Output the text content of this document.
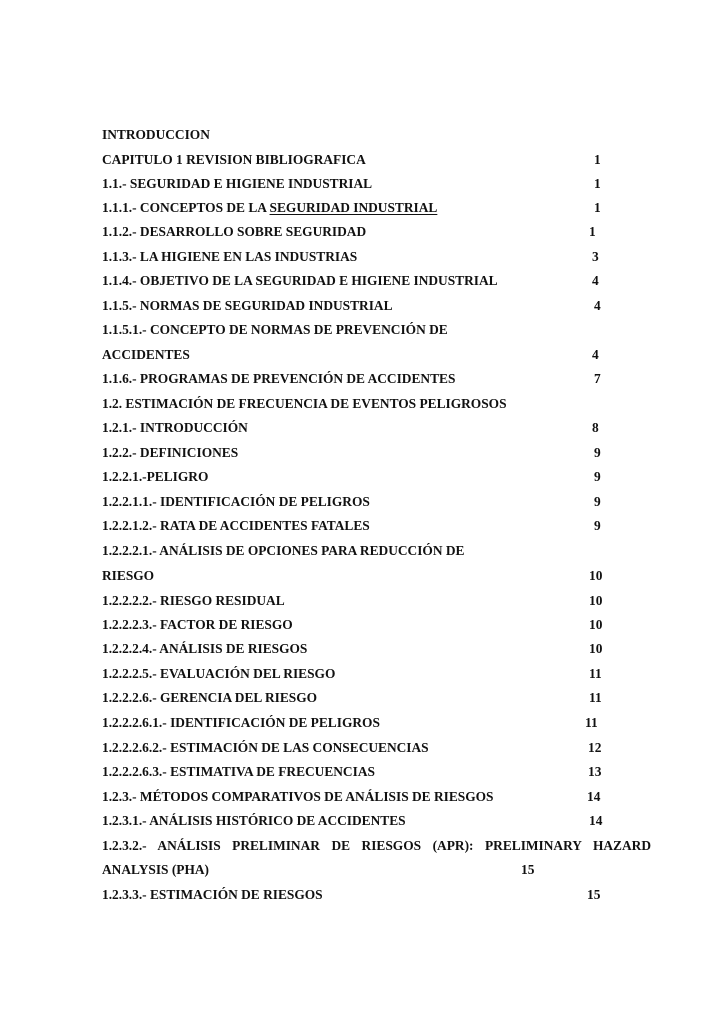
INTRODUCCION
CAPITULO 1 REVISION BIBLIOGRAFICA	1
1.1.- SEGURIDAD E HIGIENE INDUSTRIAL	1
1.1.1.- CONCEPTOS DE LA SEGURIDAD INDUSTRIAL	1
1.1.2.- DESARROLLO SOBRE SEGURIDAD	1
1.1.3.- LA HIGIENE EN LAS INDUSTRIAS	3
1.1.4.- OBJETIVO DE LA SEGURIDAD E HIGIENE INDUSTRIAL	4
1.1.5.- NORMAS DE SEGURIDAD INDUSTRIAL	4
1.1.5.1.- CONCEPTO DE NORMAS DE PREVENCIÓN DE
ACCIDENTES	4
1.1.6.- PROGRAMAS DE PREVENCIÓN DE ACCIDENTES	7
1.2. ESTIMACIÓN DE FRECUENCIA DE EVENTOS PELIGROSOS
1.2.1.- INTRODUCCIÓN	8
1.2.2.- DEFINICIONES	9
1.2.2.1.-PELIGRO	9
1.2.2.1.1.- IDENTIFICACIÓN DE PELIGROS	9
1.2.2.1.2.- RATA DE ACCIDENTES FATALES	9
1.2.2.2.1.- ANÁLISIS DE OPCIONES PARA REDUCCIÓN DE
RIESGO	10
1.2.2.2.2.- RIESGO RESIDUAL	10
1.2.2.2.3.- FACTOR DE RIESGO	10
1.2.2.2.4.- ANÁLISIS DE RIESGOS	10
1.2.2.2.5.- EVALUACIÓN DEL RIESGO	11
1.2.2.2.6.- GERENCIA DEL RIESGO	11
1.2.2.2.6.1.- IDENTIFICACIÓN DE PELIGROS	11
1.2.2.2.6.2.- ESTIMACIÓN DE LAS CONSECUENCIAS	12
1.2.2.2.6.3.- ESTIMATIVA DE FRECUENCIAS	13
1.2.3.- MÉTODOS COMPARATIVOS DE ANÁLISIS DE RIESGOS	14
1.2.3.1.- ANÁLISIS HISTÓRICO DE ACCIDENTES	14
1.2.3.2.- ANÁLISIS PRELIMINAR DE RIESGOS (APR): PRELIMINARY HAZARD
ANALYSIS (PHA)	15
1.2.3.3.- ESTIMACIÓN DE RIESGOS	15
